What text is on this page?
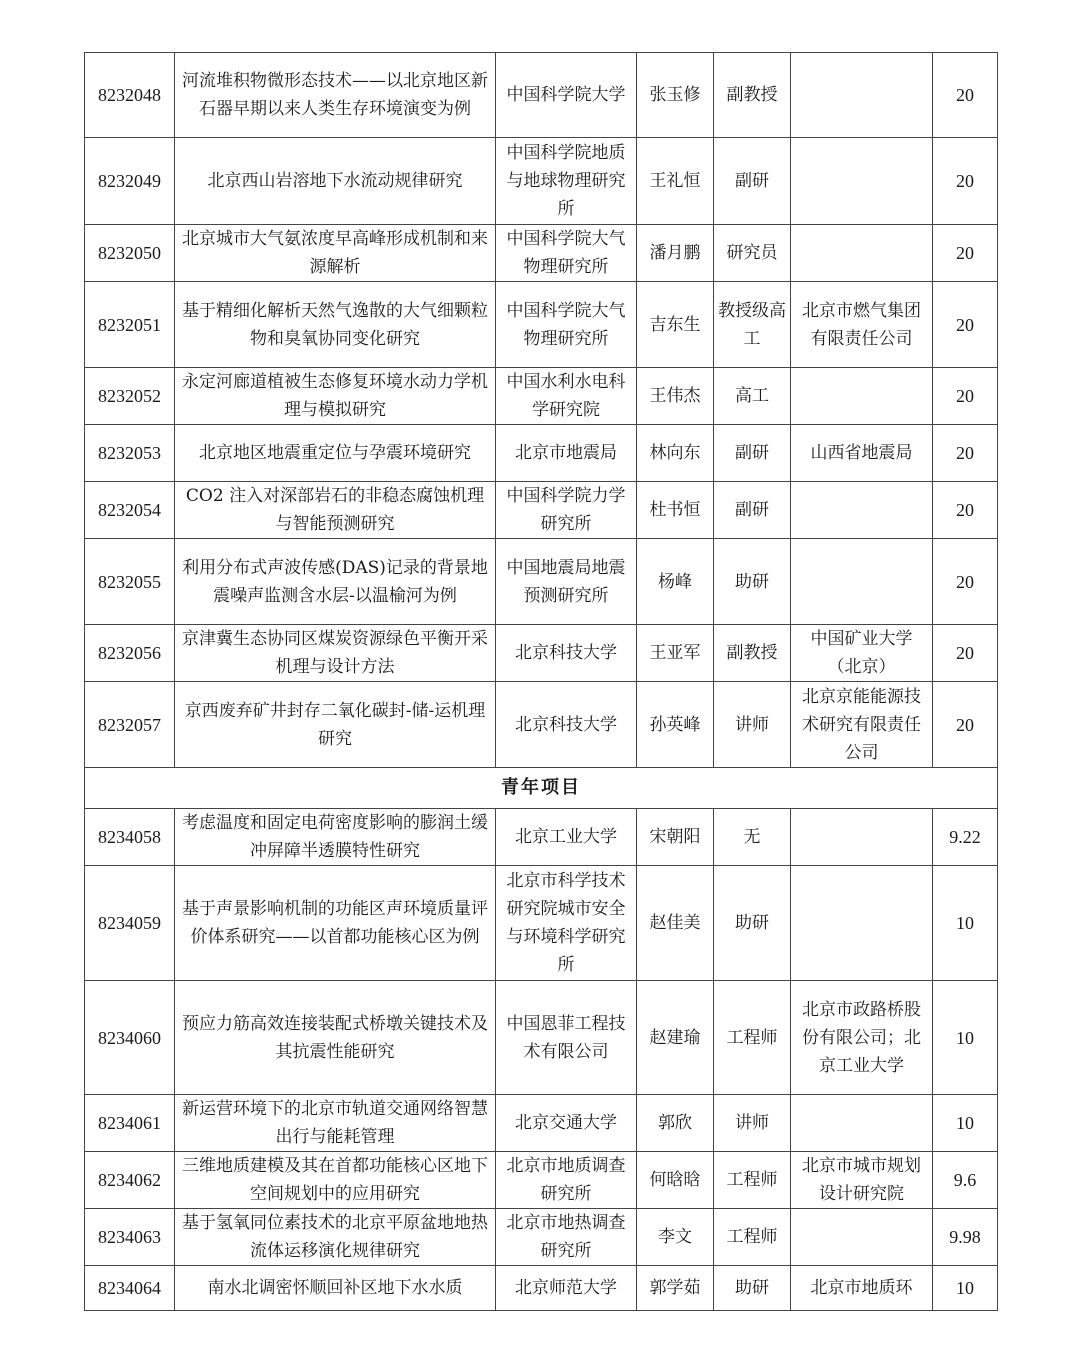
8232048	河流堆积物微形态技术——以北京地区新石器早期以来人类生存环境演变为例	中国科学院大学	张玉修	副教授		20
8232049	北京西山岩溶地下水流动规律研究	中国科学院地质与地球物理研究所	王礼恒	副研		20
8232050	北京城市大气氨浓度早高峰形成机制和来源解析	中国科学院大气物理研究所	潘月鹏	研究员		20
8232051	基于精细化解析天然气逸散的大气细颗粒物和臭氧协同变化研究	中国科学院大气物理研究所	吉东生	教授级高工	北京市燃气集团有限责任公司	20
8232052	永定河廊道植被生态修复环境水动力学机理与模拟研究	中国水利水电科学研究院	王伟杰	高工		20
8232053	北京地区地震重定位与孕震环境研究	北京市地震局	林向东	副研	山西省地震局	20
8232054	CO2 注入对深部岩石的非稳态腐蚀机理与智能预测研究	中国科学院力学研究所	杜书恒	副研		20
8232055	利用分布式声波传感(DAS)记录的背景地震噪声监测含水层-以温榆河为例	中国地震局地震预测研究所	杨峰	助研		20
8232056	京津冀生态协同区煤炭资源绿色平衡开采机理与设计方法	北京科技大学	王亚军	副教授	中国矿业大学（北京）	20
8232057	京西废弃矿井封存二氧化碳封-储-运机理研究	北京科技大学	孙英峰	讲师	北京京能能源技术研究有限责任公司	20
青年项目						
8234058	考虑温度和固定电荷密度影响的膨润土缓冲屏障半透膜特性研究	北京工业大学	宋朝阳	无		9.22
8234059	基于声景影响机制的功能区声环境质量评价体系研究——以首都功能核心区为例	北京市科学技术研究院城市安全与环境科学研究所	赵佳美	助研		10
8234060	预应力筋高效连接装配式桥墩关键技术及其抗震性能研究	中国恩菲工程技术有限公司	赵建瑜	工程师	北京市政路桥股份有限公司；北京工业大学	10
8234061	新运营环境下的北京市轨道交通网络智慧出行与能耗管理	北京交通大学	郭欣	讲师		10
8234062	三维地质建模及其在首都功能核心区地下空间规划中的应用研究	北京市地质调查研究所	何晗晗	工程师	北京市城市规划设计研究院	9.6
8234063	基于氢氧同位素技术的北京平原盆地地热流体运移演化规律研究	北京市地热调查研究所	李文	工程师		9.98
8234064	南水北调密怀顺回补区地下水水质	北京师范大学	郭学茹	助研	北京市地质环	10
